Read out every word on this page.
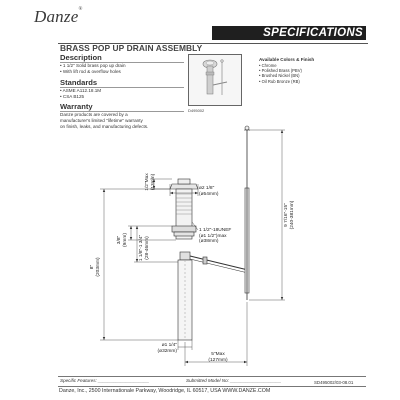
Danze®
SPECIFICATIONS
BRASS POP UP DRAIN ASSEMBLY
Description
• 1 1/2" Solid brass pop up drain
• With lift rod & overflow holes
Standards
• ASME A112.18.1M
• CSA B125
Warranty
Danze products are covered by a
manufacturer's limited "lifetime" warranty
on finish, leaks, and manufacturing defects.
D495002
Available Colors & Finish
• Chrome
• Polished Brass (PBV)
• Brushed Nickel (BN)
• Oil Rub Bronze (RB)
1/2"Max (13mm)	ø2 1/8"
(ø54mm)
1 1/2"-18UNEF
(ø1 1/2")max
(ø38mm)
3/8" (9mm) 1 1/8"-1 3/4" (28-46mm)
8" (203mm)
9 7/16"-15" (240-381mm)
ø1 1/4"
(ø32mm)
5"Max
(127mm)
Specific Features: ____________________	Submitted Model No: ____________________	SD495002/03-08.01
Danze, Inc., 2500 Internationale Parkway, Woodridge, IL 60517, USA WWW.DANZE.COM
